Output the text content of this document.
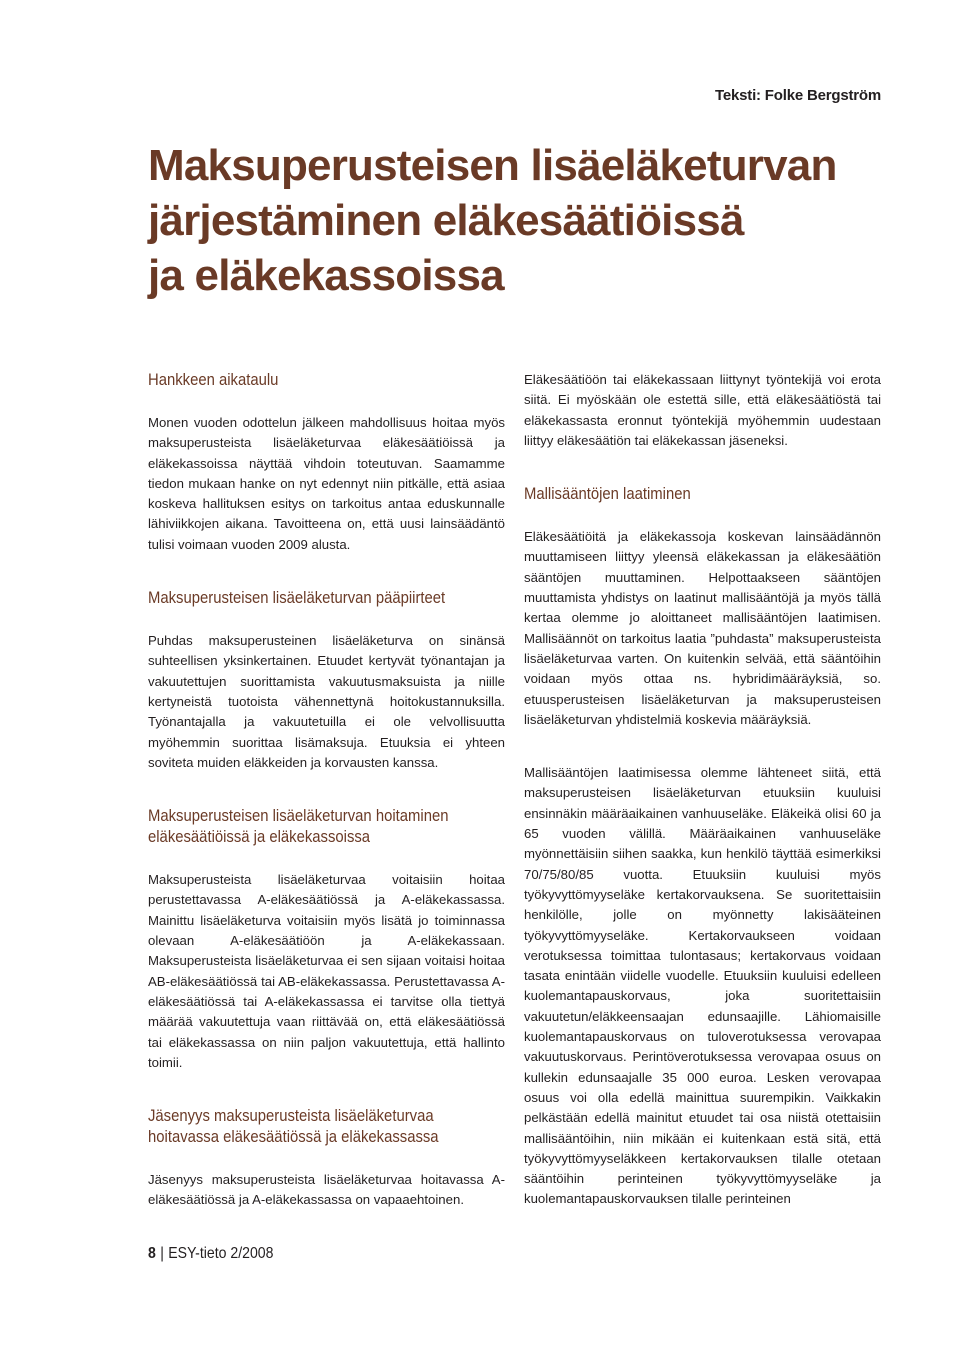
Teksti: Folke Bergström
Maksuperusteisen lisäeläketurvan
järjestäminen eläkesäätiöissä
ja eläkekassoissa
Hankkeen aikataulu

Monen vuoden odottelun jälkeen mahdollisuus hoitaa myös maksuperusteista lisäeläketurvaa eläkesäätiöissä ja eläkekassoissa näyttää vihdoin toteutuvan. Saamamme tiedon mukaan hanke on nyt edennyt niin pitkälle, että asiaa koskeva hallituksen esitys on tarkoitus antaa eduskunnalle lähiviikkojen aikana. Tavoitteena on, että uusi lainsäädäntö tulisi voimaan vuoden 2009 alusta.

Maksuperusteisen lisäeläketurvan pääpiirteet

Puhdas maksuperusteinen lisäeläketurva on sinänsä suhteellisen yksinkertainen. Etuudet kertyvät työnantajan ja vakuutettujen suorittamista vakuutusmaksuista ja niille kertyneistä tuotoista vähennettynä hoitokustannuksilla. Työnantajalla ja vakuutetuilla ei ole velvollisuutta myöhemmin suorittaa lisämaksuja. Etuuksia ei yhteen soviteta muiden eläkkeiden ja korvausten kanssa.

Maksuperusteisen lisäeläketurvan hoitaminen
eläkesäätiöissä ja eläkekassoissa

Maksuperusteista lisäeläketurvaa voitaisiin hoitaa perustettavassa A-eläkesäätiössä ja A-eläkekassassa. Mainittu lisäeläketurva voitaisiin myös lisätä jo toiminnassa olevaan A-eläkesäätiöön ja A-eläkekassaan. Maksuperusteista lisäeläketurvaa ei sen sijaan voitaisi hoitaa AB-eläkesäätiössä tai AB-eläkekassassa. Perustettavassa A-eläkesäätiössä tai A-eläkekassassa ei tarvitse olla tiettyä määrää vakuutettuja vaan riittävää on, että eläkesäätiössä tai eläkekassassa on niin paljon vakuutettuja, että hallinto toimii.

Jäsenyys maksuperusteista lisäeläketurvaa
hoitavassa eläkesäätiössä ja eläkekassassa

Jäsenyys maksuperusteista lisäeläketurvaa hoitavassa A-eläkesäätiössä ja A-eläkekassassa on vapaaehtoinen.

Eläkesäätiöön tai eläkekassaan liittynyt työntekijä voi erota siitä. Ei myöskään ole estettä sille, että eläkesäätiöstä tai eläkekassasta eronnut työntekijä myöhemmin uudestaan liittyy eläkesäätiön tai eläkekassan jäseneksi.

Mallisääntöjen laatiminen

Eläkesäätiöitä ja eläkekassoja koskevan lainsäädännön muuttamiseen liittyy yleensä eläkekassan ja eläkesäätiön sääntöjen muuttaminen. Helpottaakseen sääntöjen muuttamista yhdistys on laatinut mallisääntöjä ja myös tällä kertaa olemme jo aloittaneet mallisääntöjen laatimisen. Mallisäännöt on tarkoitus laatia ”puhdasta” maksuperusteista lisäeläketurvaa varten. On kuitenkin selvää, että sääntöihin voidaan myös ottaa ns. hybridimääräyksiä, so. etuusperusteisen lisäeläketurvan ja maksuperusteisen lisäeläketurvan yhdistelmiä koskevia määräyksiä.

Mallisääntöjen laatimisessa olemme lähteneet siitä, että maksuperusteisen lisäeläketurvan etuuksiin kuuluisi ensinnäkin määräaikainen vanhuuseläke. Eläkeikä olisi 60 ja 65 vuoden välillä. Määräaikainen vanhuuseläke myönnettäisiin siihen saakka, kun henkilö täyttää esimerkiksi 70/75/80/85 vuotta. Etuuksiin kuuluisi myös työkyvyttömyyseläke kertakorvauksena. Se suoritettaisiin henkilölle, jolle on myönnetty lakisääteinen työkyvyttömyyseläke. Kertakorvaukseen voidaan verotuksessa toimittaa tulontasaus; kertakorvaus voidaan tasata enintään viidelle vuodelle. Etuuksiin kuuluisi edelleen kuolemantapauskorvaus, joka suoritettaisiin vakuutetun/eläkkeensaajan edunsaajille. Lähiomaisille kuolemantapauskorvaus on tuloverotuksessa verovapaa vakuutuskorvaus. Perintöverotuksessa verovapaa osuus on kullekin edunsaajalle 35 000 euroa. Lesken verovapaa osuus voi olla edellä mainittua suurempikin. Vaikkakin pelkästään edellä mainitut etuudet tai osa niistä otettaisiin mallisääntöihin, niin mikään ei kuitenkaan estä sitä, että työkyvyttömyyseläkkeen kertakorvauksen tilalle otetaan sääntöihin perinteinen työkyvyttömyyseläke ja kuolemantapauskorvauksen tilalle perinteinen

8 | ESY-tieto 2/2008
